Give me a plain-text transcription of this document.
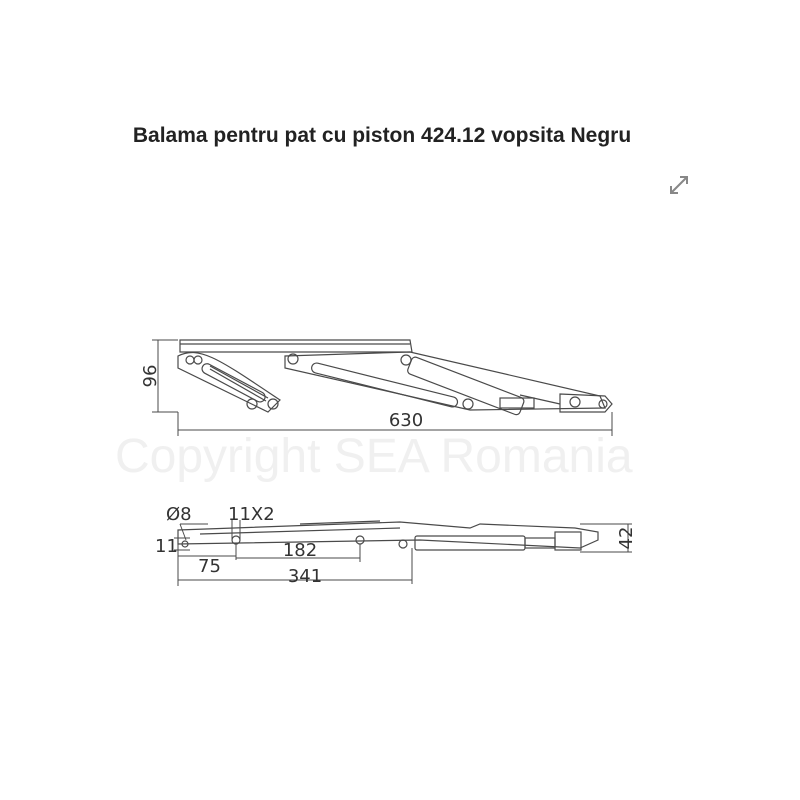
Balama pentru pat cu piston 424.12 vopsita Negru
Copyright SEA Romania
96
630
Ø8 11X2
11
75
182
341
42
